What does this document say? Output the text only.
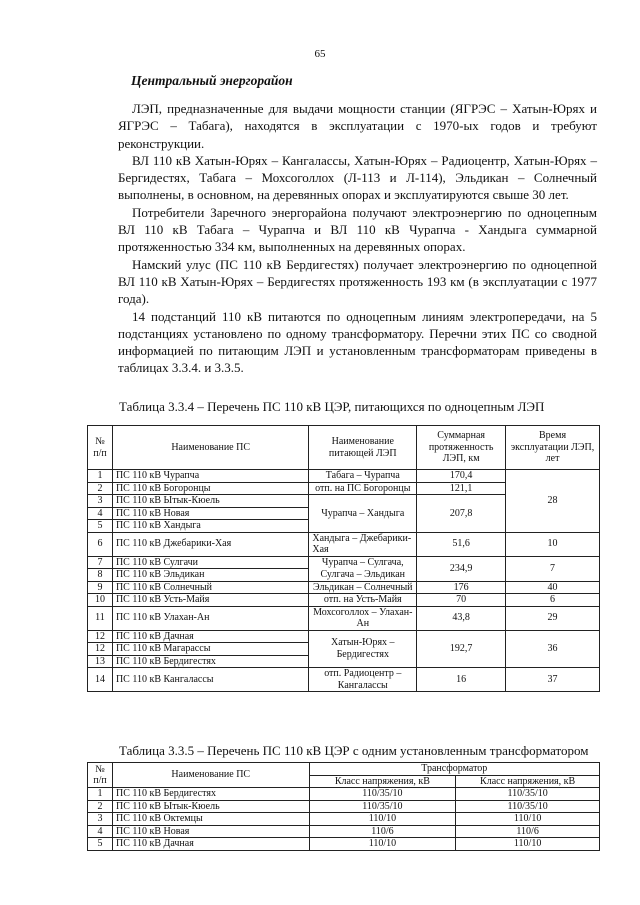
65
Центральный энергорайон

ЛЭП, предназначенные для выдачи мощности станции (ЯГРЭС – Хатын-Юрях и ЯГРЭС – Табага), находятся в эксплуатации с 1970-ых годов и требуют реконструкции.

ВЛ 110 кВ Хатын-Юрях – Кангалассы, Хатын-Юрях – Радиоцентр, Хатын-Юрях – Бергидестях, Табага – Мохсоголлох (Л-113 и Л-114), Эльдикан – Солнечный выполнены, в основном, на деревянных опорах и эксплуатируются свыше 30 лет.

Потребители Заречного энергорайона получают электроэнергию по одноцепным ВЛ 110 кВ Табага – Чурапча и ВЛ 110 кВ Чурапча - Хандыга суммарной протяженностью 334 км, выполненных на деревянных опорах.

Намский улус (ПС 110 кВ Бердигестях) получает электроэнергию по одноцепной ВЛ 110 кВ Хатын-Юрях – Бердигестях протяженность 193 км (в эксплуатации с 1977 года).

14 подстанций 110 кВ питаются по одноцепным линиям электропередачи, на 5 подстанциях установлено по одному трансформатору. Перечни этих ПС со сводной информацией по питающим ЛЭП и установленным трансформаторам приведены в таблицах 3.3.4. и 3.3.5.

Таблица 3.3.4 – Перечень ПС 110 кВ ЦЭР, питающихся по одноцепным ЛЭП
№ п/п	Наименование ПС	Наименование питающей ЛЭП	Суммарная протяженность ЛЭП, км	Время эксплуатации ЛЭП, лет
1	ПС 110 кВ Чурапча	Табага – Чурапча	170,4	28
2	ПС 110 кВ Богоронцы	отп. на ПС Богоронцы	121,1	
3	ПС 110 кВ Ытык-Кюель	Чурапча – Хандыга	207,8	
4	ПС 110 кВ Новая			
5	ПС 110 кВ Хандыга			
6	ПС 110 кВ Джебарики-Хая	Хандыга – Джебарики-Хая	51,6	10
7	ПС 110 кВ Сулгачи	Чурапча – Сулгача, Сулгача – Эльдикан	234,9	7
8	ПС 110 кВ Эльдикан			
9	ПС 110 кВ Солнечный	Эльдикан – Солнечный	176	40
10	ПС 110 кВ Усть-Майя	отп. на Усть-Майя	70	6
11	ПС 110 кВ Улахан-Ан	Мохсоголлох – Улахан-Ан	43,8	29
12	ПС 110 кВ Дачная	Хатын-Юрях – Бердигестях	192,7	36
12	ПС 110 кВ Магарассы			
13	ПС 110 кВ Бердигестях			
14	ПС 110 кВ Кангалассы	отп. Радиоцентр – Кангалассы	16	37
Таблица 3.3.5 – Перечень ПС 110 кВ ЦЭР с одним установленным трансформатором
№ п/п	Наименование ПС	Трансформатор	
		Класс напряжения, кВ	Класс напряжения, кВ
1	ПС 110 кВ Бердигестях	110/35/10	110/35/10
2	ПС 110 кВ Ытык-Кюель	110/35/10	110/35/10
3	ПС 110 кВ Октемцы	110/10	110/10
4	ПС 110 кВ Новая	110/6	110/6
5	ПС 110 кВ Дачная	110/10	110/10
